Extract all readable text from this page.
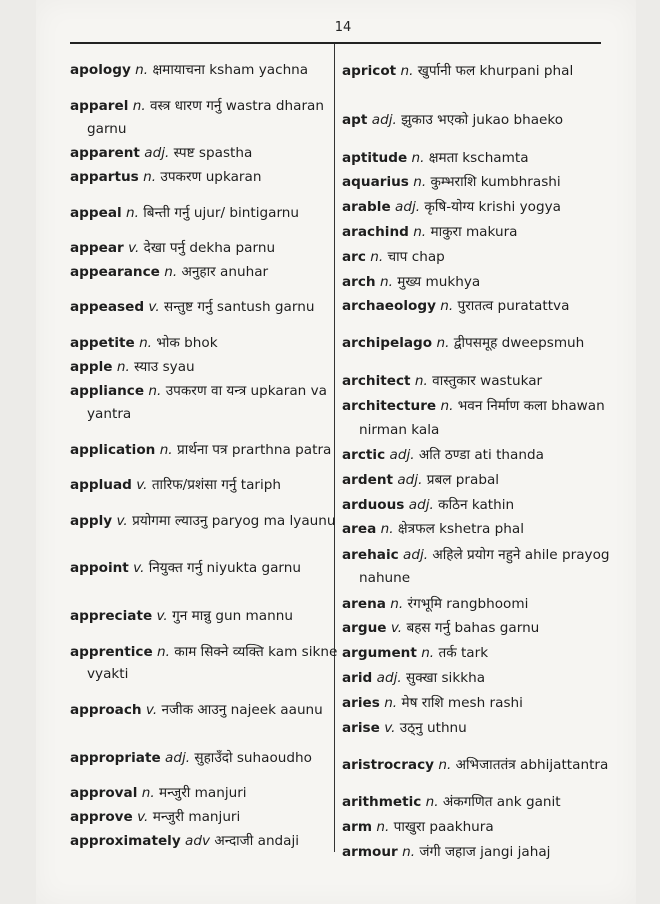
14
apology n. क्षमायाचना ksham yachna
apparel n. वस्त्र धारण गर्नु wastra dharan garnu
apparent adj. स्पष्ट spastha
appartus n. उपकरण upkaran
appeal n. बिन्ती गर्नु ujur/ bintigarnu
appear v. देखा पर्नु dekha parnu
appearance n. अनुहार anuhar
appeased v. सन्तुष्ट गर्नु santush garnu
appetite n. भोक bhok
apple n. स्याउ syau
appliance n. उपकरण वा यन्त्र upkaran va yantra
application n. प्रार्थना पत्र prarthna patra
appluad v. तारिफ/प्रशंसा गर्नु tariph
apply v. प्रयोगमा ल्याउनु paryog ma lyaunu
appoint v. नियुक्त गर्नु niyukta garnu
appreciate v. गुन मान्नु gun mannu
apprentice n. काम सिक्ने व्यक्ति kam sikne vyakti
approach v. नजीक आउनु najeek aaunu
appropriate adj. सुहाउँदो suhaoudho
approval n. मन्जुरी manjuri
approve v. मन्जुरी manjuri
approximately adv अन्दाजी andaji
apricot n. खुर्पानी फल khurpani phal
apt adj. झुकाउ भएको jukao bhaeko
aptitude n. क्षमता kschamta
aquarius n. कुम्भराशि kumbhrashi
arable adj. कृषि-योग्य krishi yogya
arachind n. माकुरा makura
arc n. चाप chap
arch n. मुख्य mukhya
archaeology n. पुरातत्व puratattva
archipelago n. द्वीपसमूह dweepsmuh
architect n. वास्तुकार wastukar
architecture n. भवन निर्माण कला bhawan nirman kala
arctic adj. अति ठण्डा ati thanda
ardent adj. प्रबल prabal
arduous adj. कठिन kathin
area n. क्षेत्रफल kshetra phal
arehaic adj. अहिले प्रयोग नहुने ahile prayog nahune
arena n. रंगभूमि rangbhoomi
argue v. बहस गर्नु bahas garnu
argument n. तर्क tark
arid adj. सुक्खा sikkha
aries n. मेष राशि mesh rashi
arise v. उठ्नु uthnu
aristrocracy n. अभिजाततंत्र abhijattantra
arithmetic n. अंकगणित ank ganit
arm n. पाखुरा paakhura
armour n. जंगी जहाज jangi jahaj
